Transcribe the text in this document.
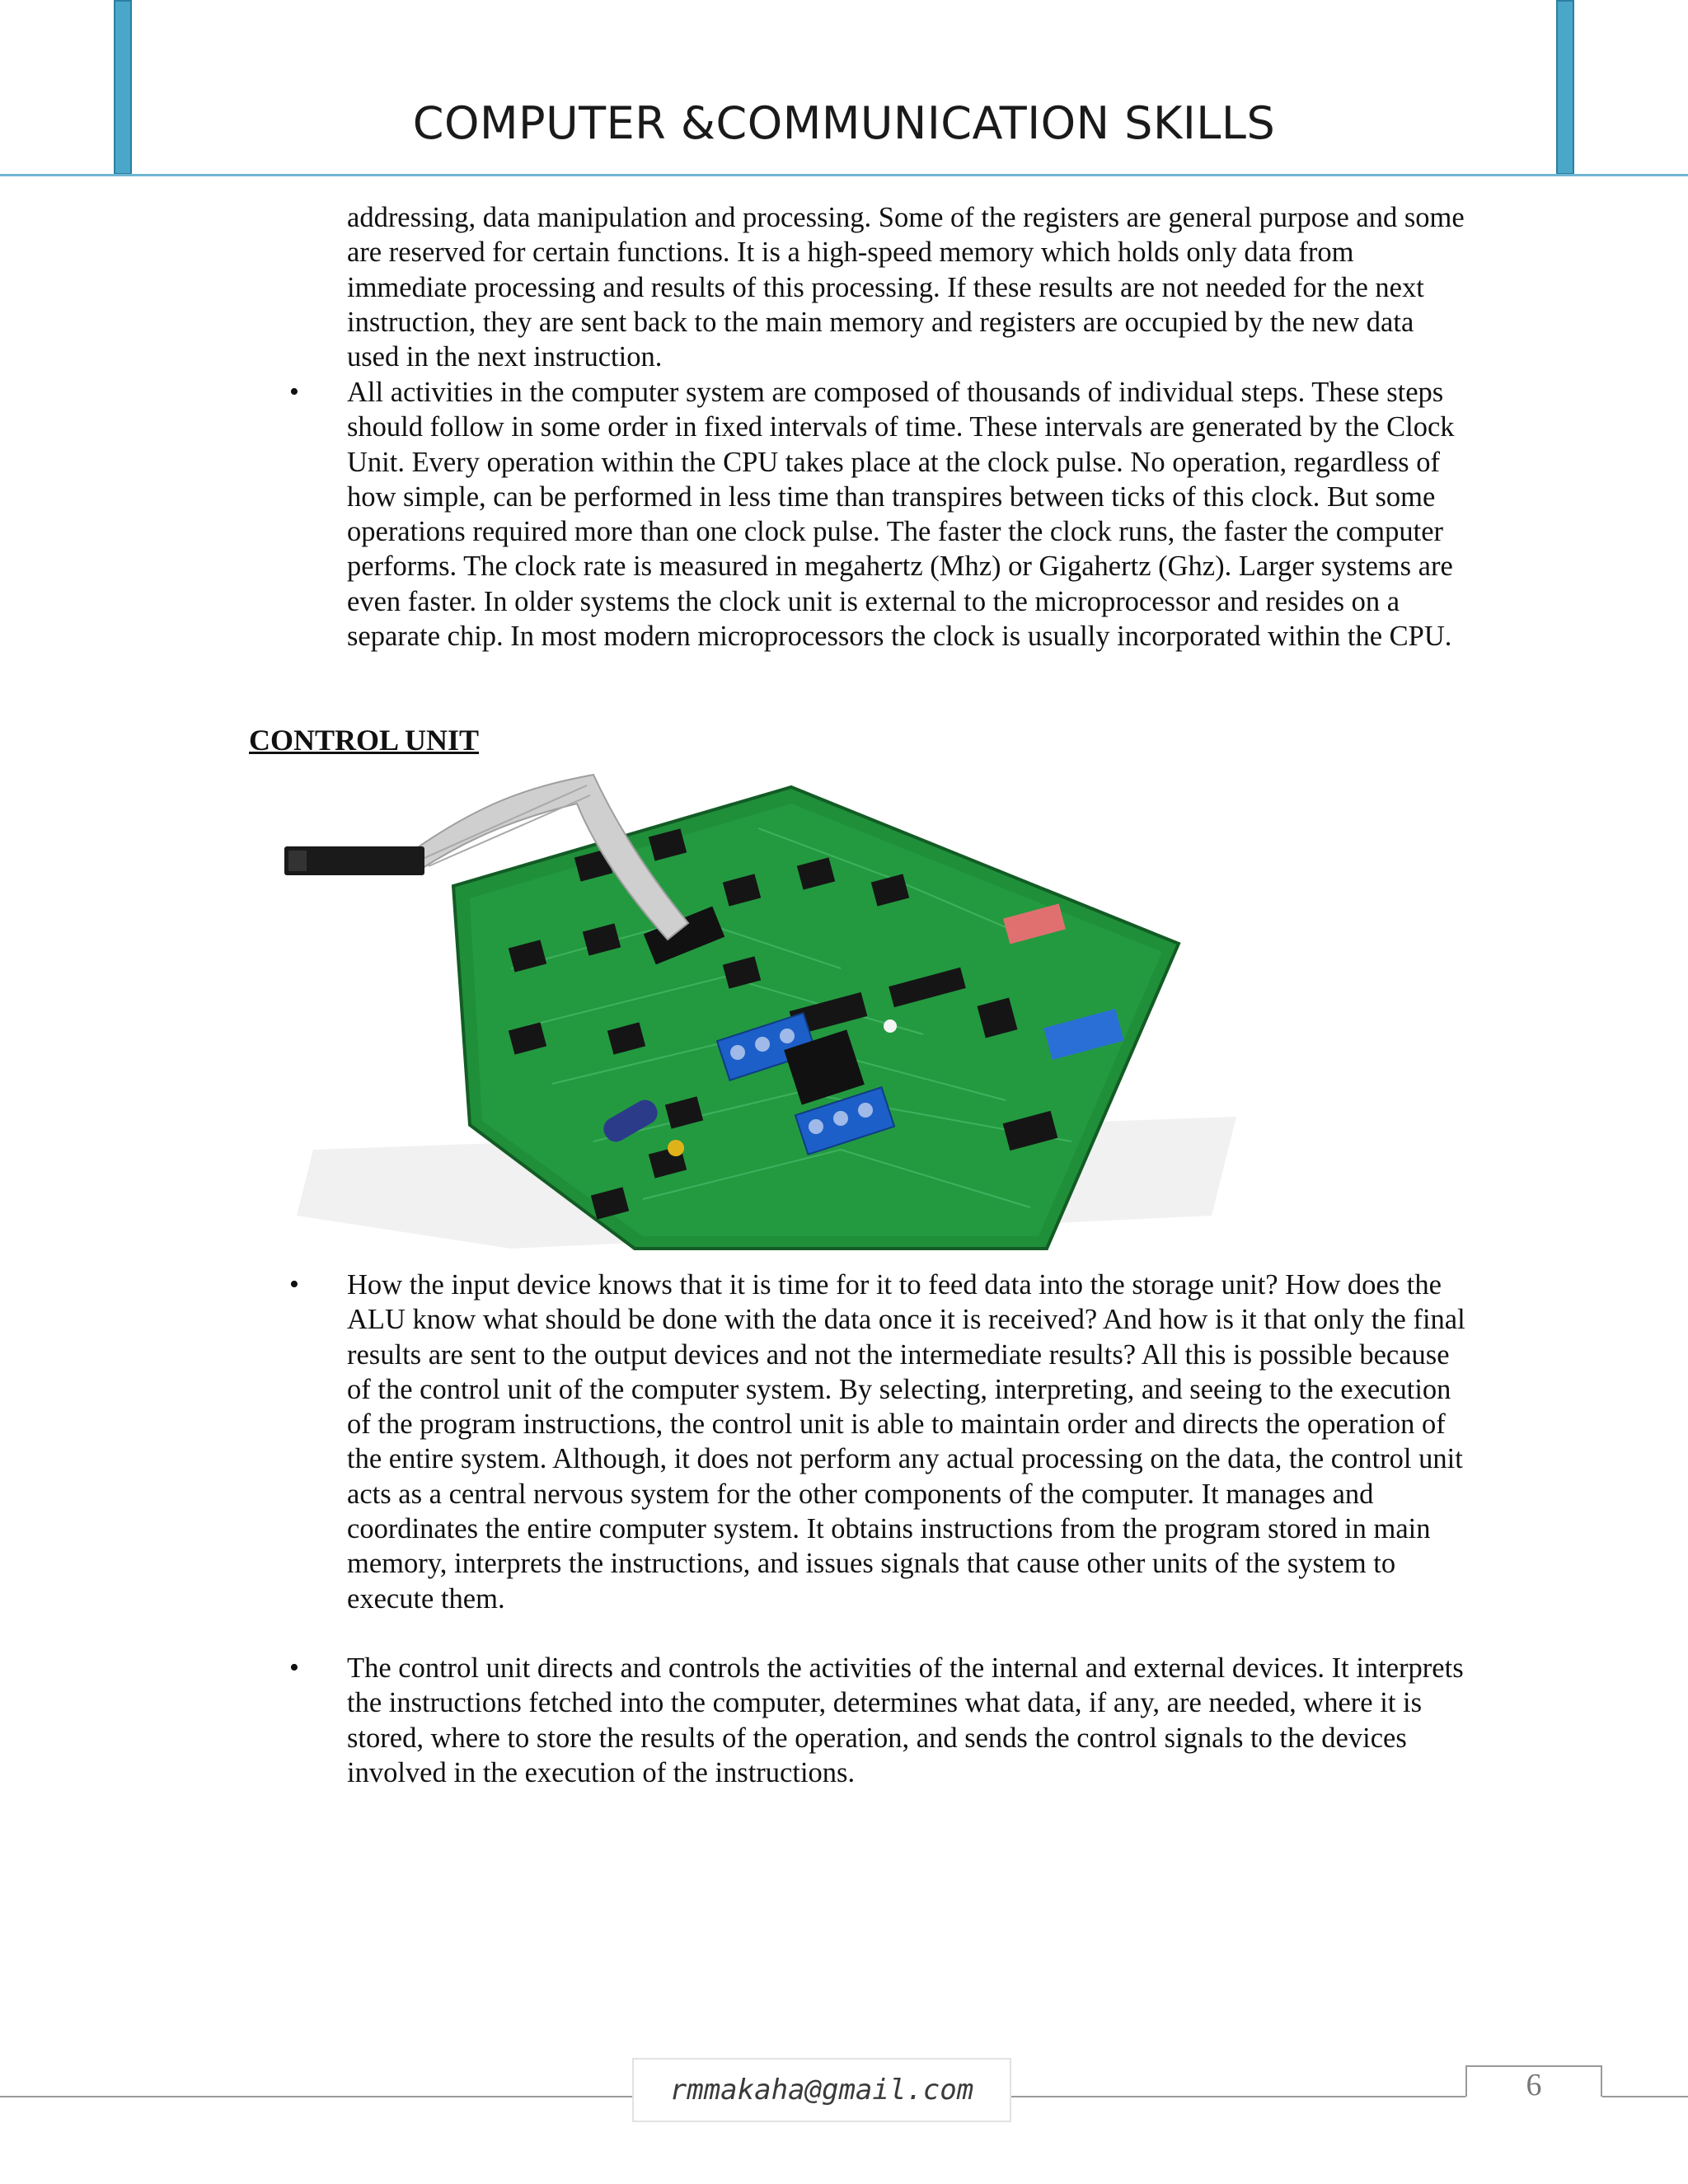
COMPUTER &COMMUNICATION SKILLS
addressing, data manipulation and processing. Some of the registers are general purpose and some are reserved for certain functions. It is a high-speed memory which holds only data from immediate processing and results of this processing. If these results are not needed for the next instruction, they are sent back to the main memory and registers are occupied by the new data used in the next instruction.
• All activities in the computer system are composed of thousands of individual steps. These steps should follow in some order in fixed intervals of time. These intervals are generated by the Clock Unit. Every operation within the CPU takes place at the clock pulse. No operation, regardless of how simple, can be performed in less time than transpires between ticks of this clock. But some operations required more than one clock pulse. The faster the clock runs, the faster the computer performs. The clock rate is measured in megahertz (Mhz) or Gigahertz (Ghz). Larger systems are even faster. In older systems the clock unit is external to the microprocessor and resides on a separate chip. In most modern microprocessors the clock is usually incorporated within the CPU.
CONTROL UNIT
• How the input device knows that it is time for it to feed data into the storage unit? How does the ALU know what should be done with the data once it is received? And how is it that only the final results are sent to the output devices and not the intermediate results? All this is possible because of the control unit of the computer system. By selecting, interpreting, and seeing to the execution of the program instructions, the control unit is able to maintain order and directs the operation of the entire system. Although, it does not perform any actual processing on the data, the control unit acts as a central nervous system for the other components of the computer. It manages and coordinates the entire computer system. It obtains instructions from the program stored in main memory, interprets the instructions, and issues signals that cause other units of the system to execute them.
• The control unit directs and controls the activities of the internal and external devices. It interprets the instructions fetched into the computer, determines what data, if any, are needed, where it is stored, where to store the results of the operation, and sends the control signals to the devices involved in the execution of the instructions.
rmmakaha@gmail.com	6
